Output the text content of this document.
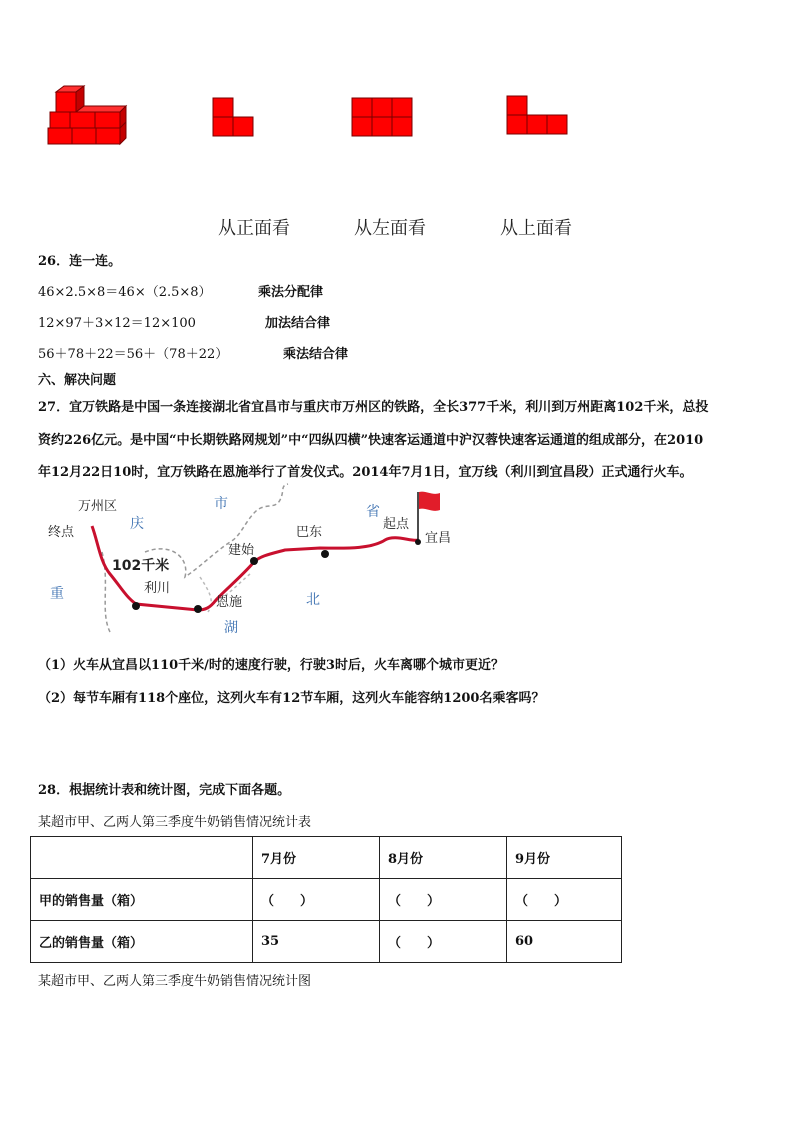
从正面看	从左面看	从上面看
26．连一连。
46×2.5×8＝46×（2.5×8）	乘法分配律
12×97＋3×12＝12×100	加法结合律
56＋78＋22＝56＋（78＋22）	乘法结合律
六、解决问题
27．宜万铁路是中国一条连接湖北省宜昌市与重庆市万州区的铁路，全长377千米，利川到万州距离102千米，总投
资约226亿元。是中国“中长期铁路网规划”中“四纵四横”快速客运通道中沪汉蓉快速客运通道的组成部分，在2010
年12月22日10时，宜万铁路在恩施举行了首发仪式。2014年7月1日，宜万线（利川到宜昌段）正式通行火车。
万州区
终点
庆
市	省
起点
宜昌
巴东
建始
102千米
利川
恩施
重	北
湖
（1）火车从宜昌以110千米/时的速度行驶，行驶3时后，火车离哪个城市更近？
（2）每节车厢有118个座位，这列火车有12节车厢，这列火车能容纳1200名乘客吗？
28．根据统计表和统计图，完成下面各题。
某超市甲、乙两人第三季度牛奶销售情况统计表
	7月份	8月份	9月份
甲的销售量（箱）	（　　）	（　　）	（　　）
乙的销售量（箱）	35	（　　）	60
某超市甲、乙两人第三季度牛奶销售情况统计图
